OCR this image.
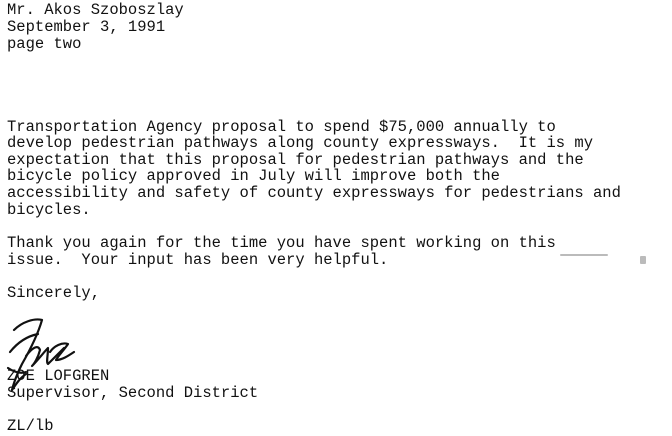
Mr. Akos Szoboszlay
September 3, 1991
page two
Transportation Agency proposal to spend $75,000 annually to
develop pedestrian pathways along county expressways.  It is my
expectation that this proposal for pedestrian pathways and the
bicycle policy approved in July will improve both the
accessibility and safety of county expressways for pedestrians and
bicycles.
Thank you again for the time you have spent working on this
issue.  Your input has been very helpful.
Sincerely,
ZOE LOFGREN
Supervisor, Second District
ZL/lb
